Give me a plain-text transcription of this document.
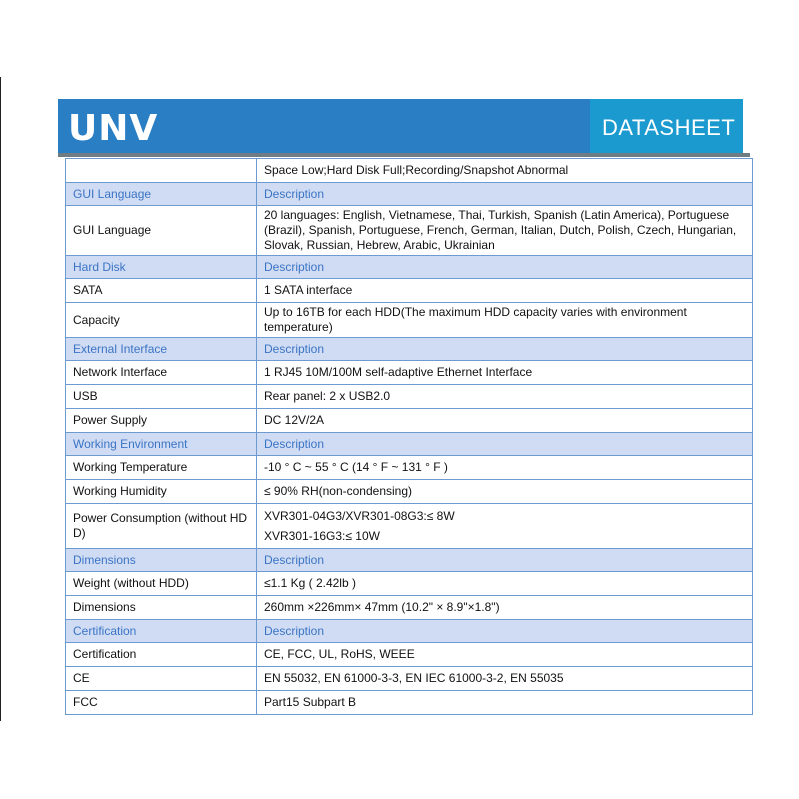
UNV	DATASHEET
	Space Low;Hard Disk Full;Recording/Snapshot Abnormal
GUI Language	Description
GUI Language	20 languages: English, Vietnamese, Thai, Turkish, Spanish (Latin America), Portuguese (Brazil), Spanish, Portuguese, French, German, Italian, Dutch, Polish, Czech, Hungarian, Slovak, Russian, Hebrew, Arabic, Ukrainian
Hard Disk	Description
SATA	1 SATA interface
Capacity	Up to 16TB for each HDD(The maximum HDD capacity varies with environment temperature)
External Interface	Description
Network Interface	1 RJ45 10M/100M self-adaptive Ethernet Interface
USB	Rear panel: 2 x USB2.0
Power Supply	DC 12V/2A
Working Environment	Description
Working Temperature	-10 ° C ~ 55 ° C (14 ° F ~ 131 ° F )
Working Humidity	≤ 90% RH(non-condensing)
Power Consumption (without HD D)	XVR301-04G3/XVR301-08G3:≤ 8W
XVR301-16G3:≤ 10W

Dimensions	Description
Weight (without HDD)	≤1.1 Kg ( 2.42lb )
Dimensions	260mm ×226mm× 47mm (10.2" × 8.9"×1.8")
Certification	Description
Certification	CE, FCC, UL, RoHS, WEEE
CE	EN 55032, EN 61000-3-3, EN IEC 61000-3-2, EN 55035
FCC	Part15 Subpart B
